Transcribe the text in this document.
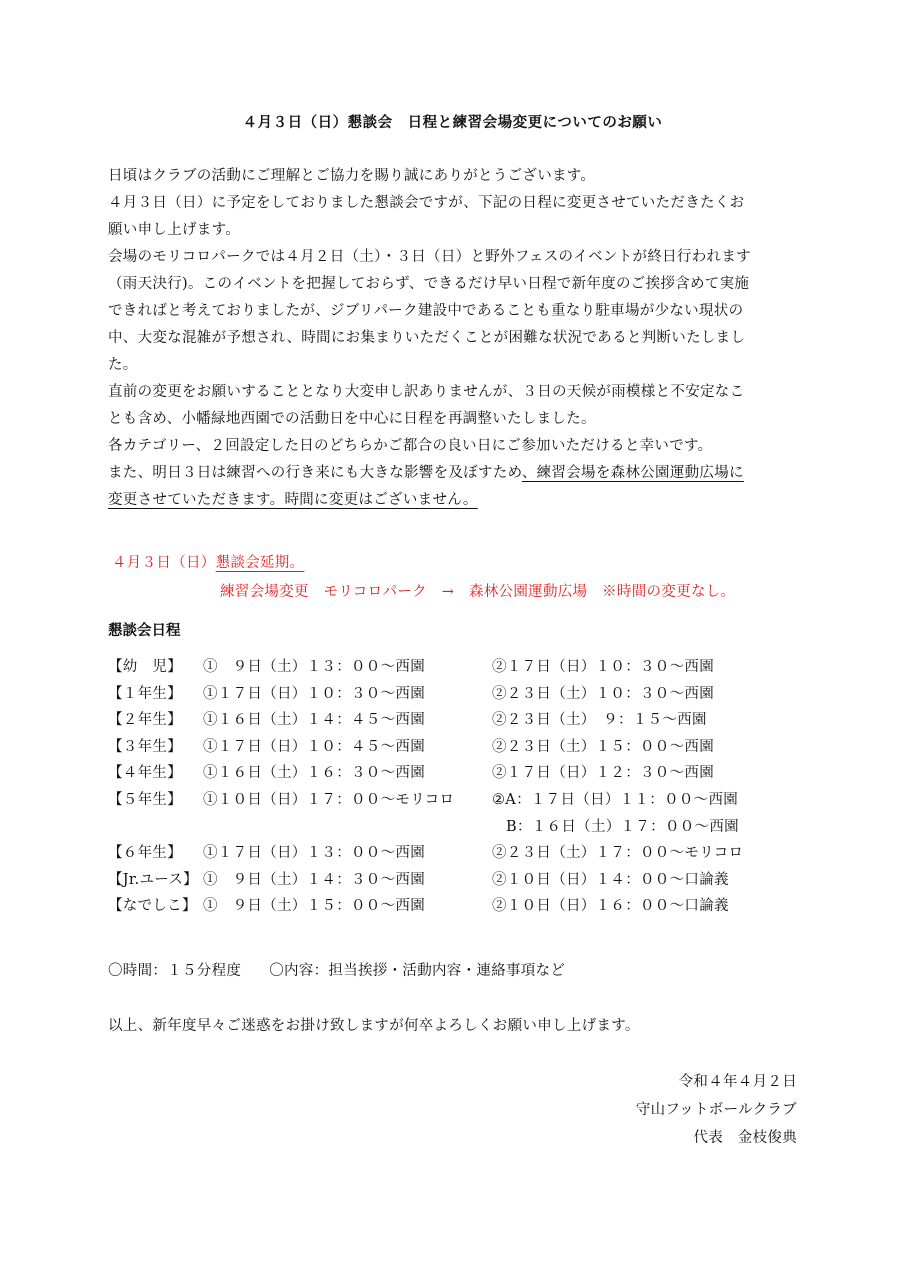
４月３日（日）懇談会　日程と練習会場変更についてのお願い

日頃はクラブの活動にご理解とご協力を賜り誠にありがとうございます。

４月３日（日）に予定をしておりました懇談会ですが、下記の日程に変更させていただきたくお

願い申し上げます。

会場のモリコロパークでは４月２日（土）・３日（日）と野外フェスのイベントが終日行われます

（雨天決行)。このイベントを把握しておらず、できるだけ早い日程で新年度のご挨拶含めて実施

できればと考えておりましたが、ジブリパーク建設中であることも重なり駐車場が少ない現状の

中、大変な混雑が予想され、時間にお集まりいただくことが困難な状況であると判断いたしまし

た。

直前の変更をお願いすることとなり大変申し訳ありませんが、３日の天候が雨模様と不安定なこ

とも含め、小幡緑地西園での活動日を中心に日程を再調整いたしました。

各カテゴリー、２回設定した日のどちらかご都合の良い日にご参加いただけると幸いです。

また、明日３日は練習への行き来にも大きな影響を及ぼすため、練習会場を森林公園運動広場に

変更させていただきます。時間に変更はございません。

４月３日（日）懇談会延期。
練習会場変更　モリコロパーク　→　森林公園運動広場　※時間の変更なし。
懇談会日程
【幼　児】 ①　９日（土）１３：００～西園	②１７日（日）１０：３０～西園
【１年生】 ①１７日（日）１０：３０～西園	②２３日（土）１０：３０～西園
【２年生】 ①１６日（土）１４：４５～西園	②２３日（土）　９：１５～西園
【３年生】 ①１７日（日）１０：４５～西園	②２３日（土）１５：００～西園
【４年生】 ①１６日（土）１６：３０～西園	②１７日（日）１２：３０～西園
【５年生】 ①１０日（日）１７：００～モリコロ	②A：１７日（日）１１：００～西園
B：１６日（土）１７：００～西園
【６年生】 ①１７日（日）１３：００～西園	②２３日（土）１７：００～モリコロ
【Jr.ユース】 ①　９日（土）１４：３０～西園	②１０日（日）１４：００～口論義
【なでしこ】 ①　９日（土）１５：００～西園	②１０日（日）１６：００～口論義
〇時間：１５分程度 〇内容：担当挨拶・活動内容・連絡事項など
以上、新年度早々ご迷惑をお掛け致しますが何卒よろしくお願い申し上げます。
令和４年４月２日
守山フットボールクラブ
代表　金枝俊典
